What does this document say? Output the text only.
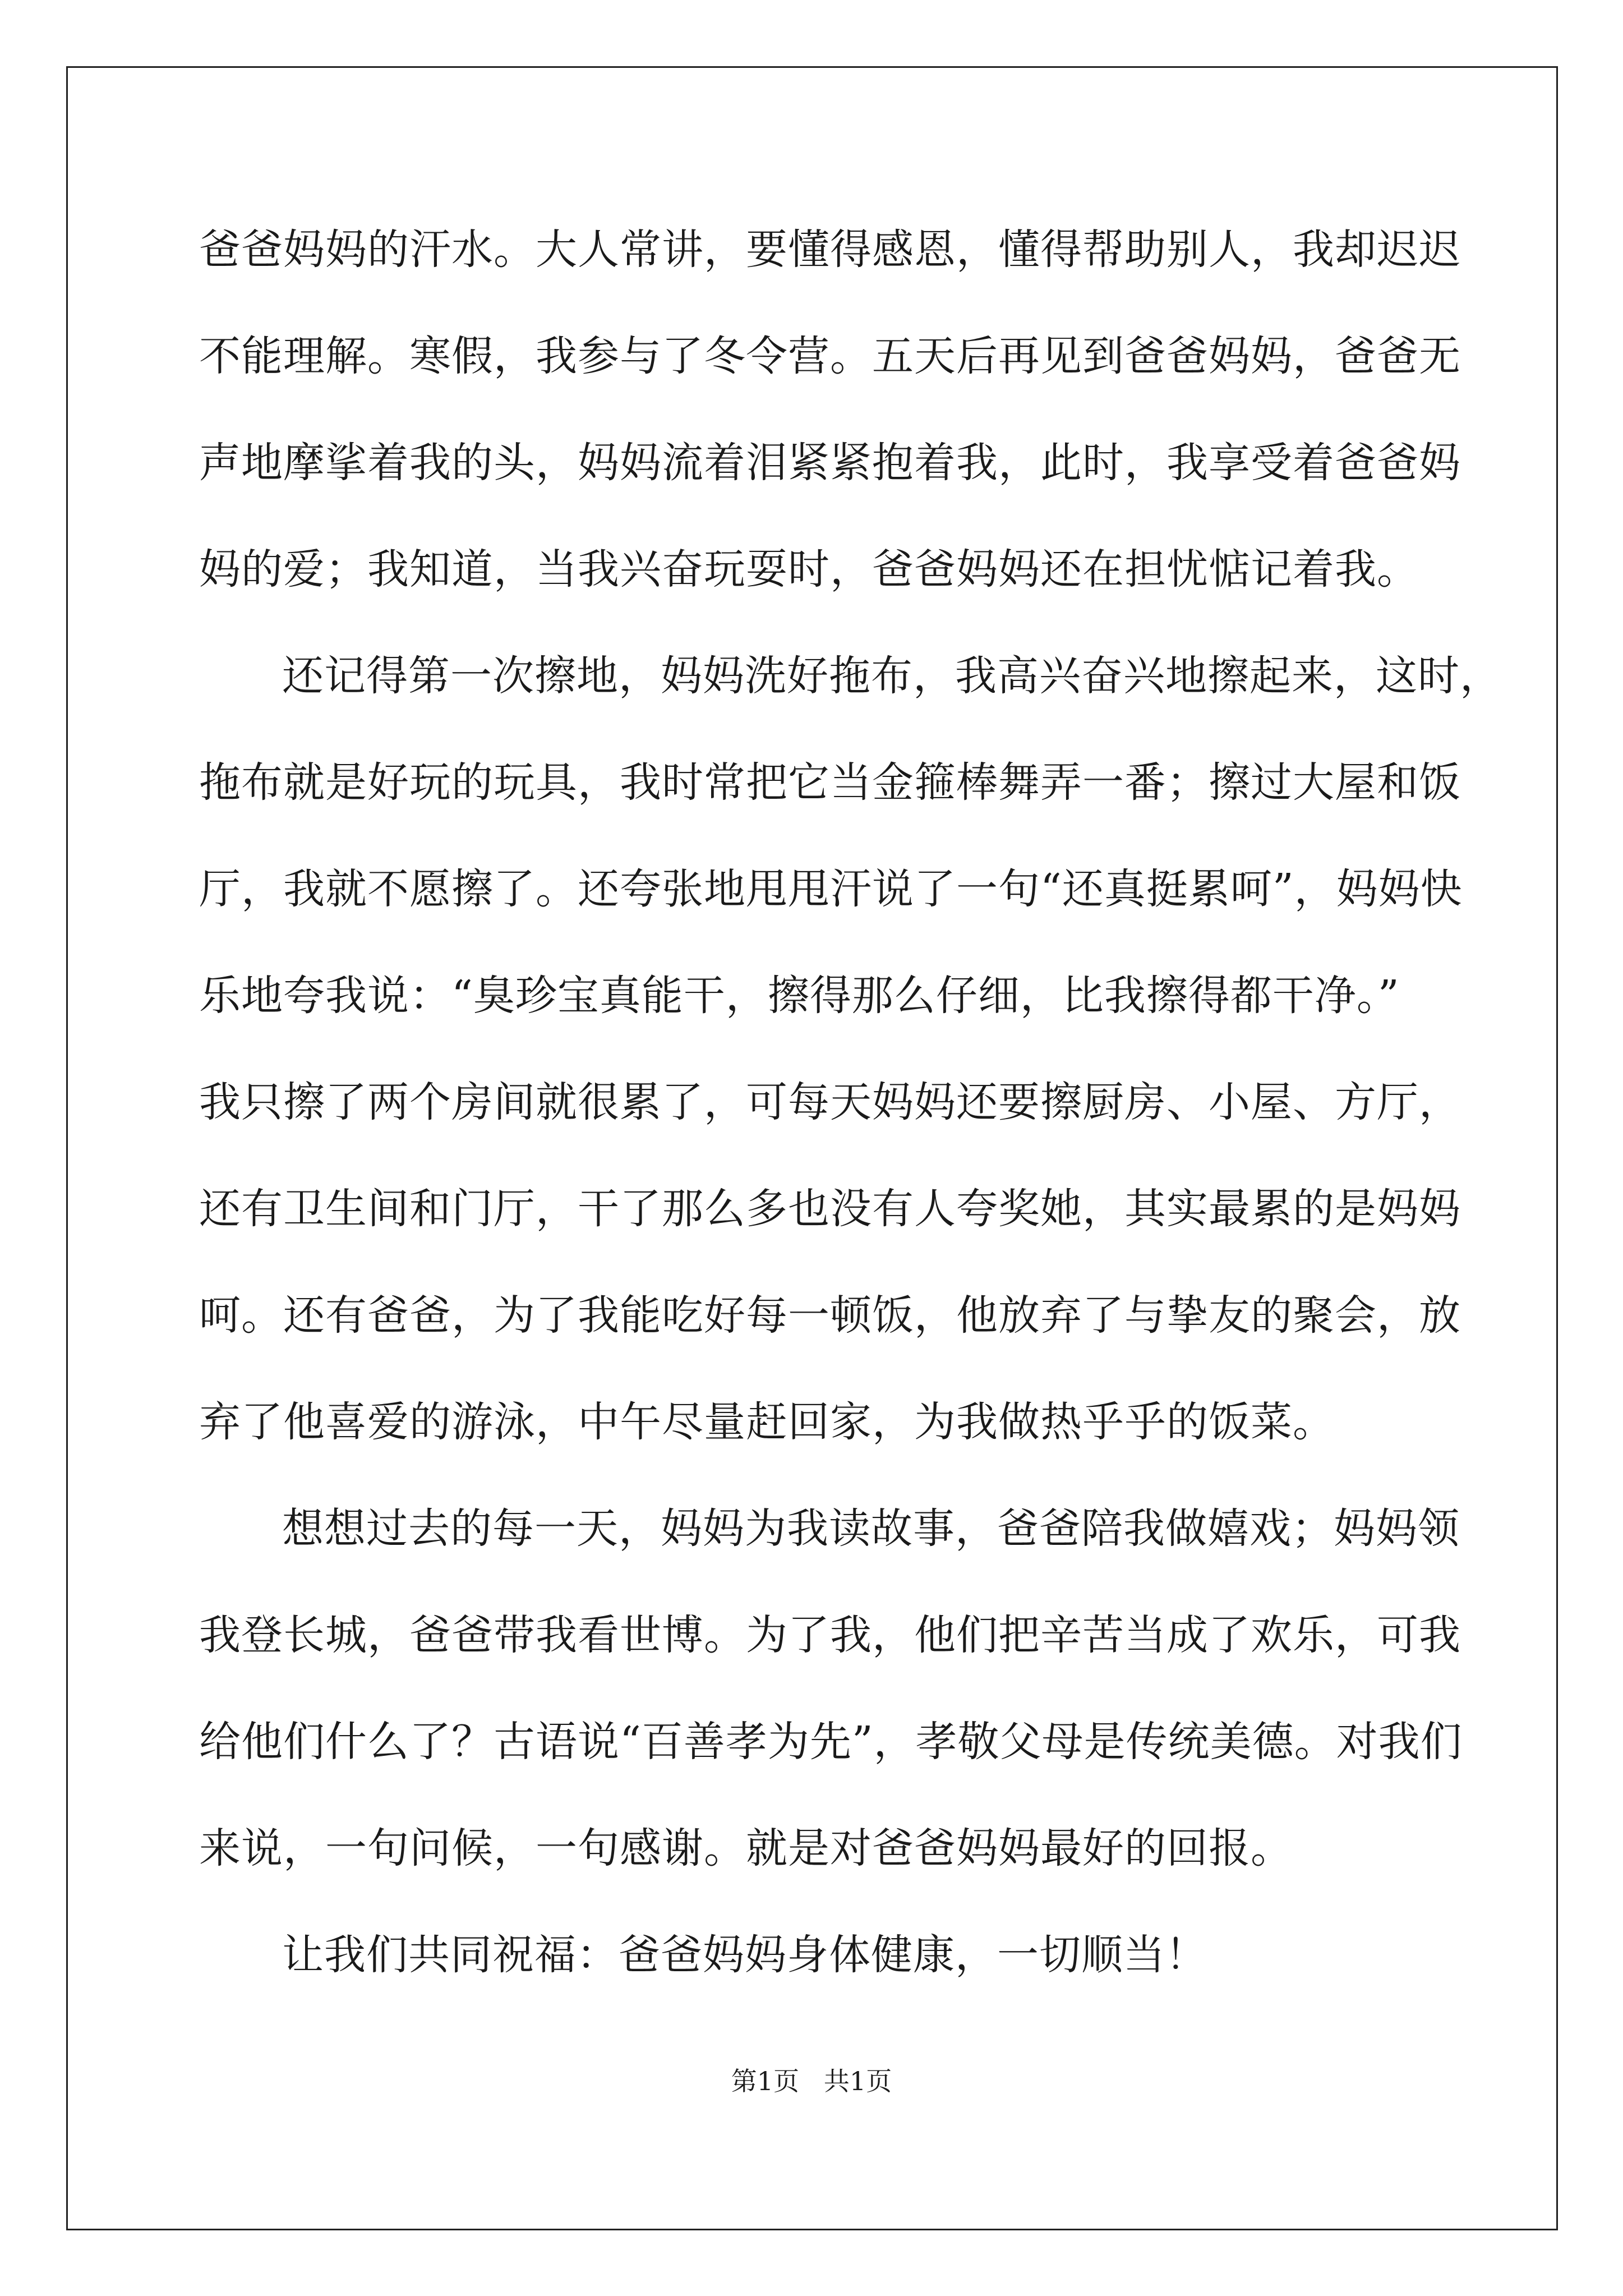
爸爸妈妈的汗水。大人常讲，要懂得感恩，懂得帮助别人，我却迟迟
不能理解。寒假，我参与了冬令营。五天后再见到爸爸妈妈，爸爸无
声地摩挲着我的头，妈妈流着泪紧紧抱着我，此时，我享受着爸爸妈
妈的爱；我知道，当我兴奋玩耍时，爸爸妈妈还在担忧惦记着我。
还记得第一次擦地，妈妈洗好拖布，我高兴奋兴地擦起来，这时，
拖布就是好玩的玩具，我时常把它当金箍棒舞弄一番；擦过大屋和饭
厅，我就不愿擦了。还夸张地甩甩汗说了一句“还真挺累呵”，妈妈快
乐地夸我说：“臭珍宝真能干，擦得那么仔细，比我擦得都干净。”
我只擦了两个房间就很累了，可每天妈妈还要擦厨房、小屋、方厅，
还有卫生间和门厅，干了那么多也没有人夸奖她，其实最累的是妈妈
呵。还有爸爸，为了我能吃好每一顿饭，他放弃了与挚友的聚会，放
弃了他喜爱的游泳，中午尽量赶回家，为我做热乎乎的饭菜。
想想过去的每一天，妈妈为我读故事，爸爸陪我做嬉戏；妈妈领
我登长城，爸爸带我看世博。为了我，他们把辛苦当成了欢乐，可我
给他们什么了？古语说“百善孝为先”，孝敬父母是传统美德。对我们
来说，一句问候，一句感谢。就是对爸爸妈妈最好的回报。
让我们共同祝福：爸爸妈妈身体健康，一切顺当！
第1页   共1页
